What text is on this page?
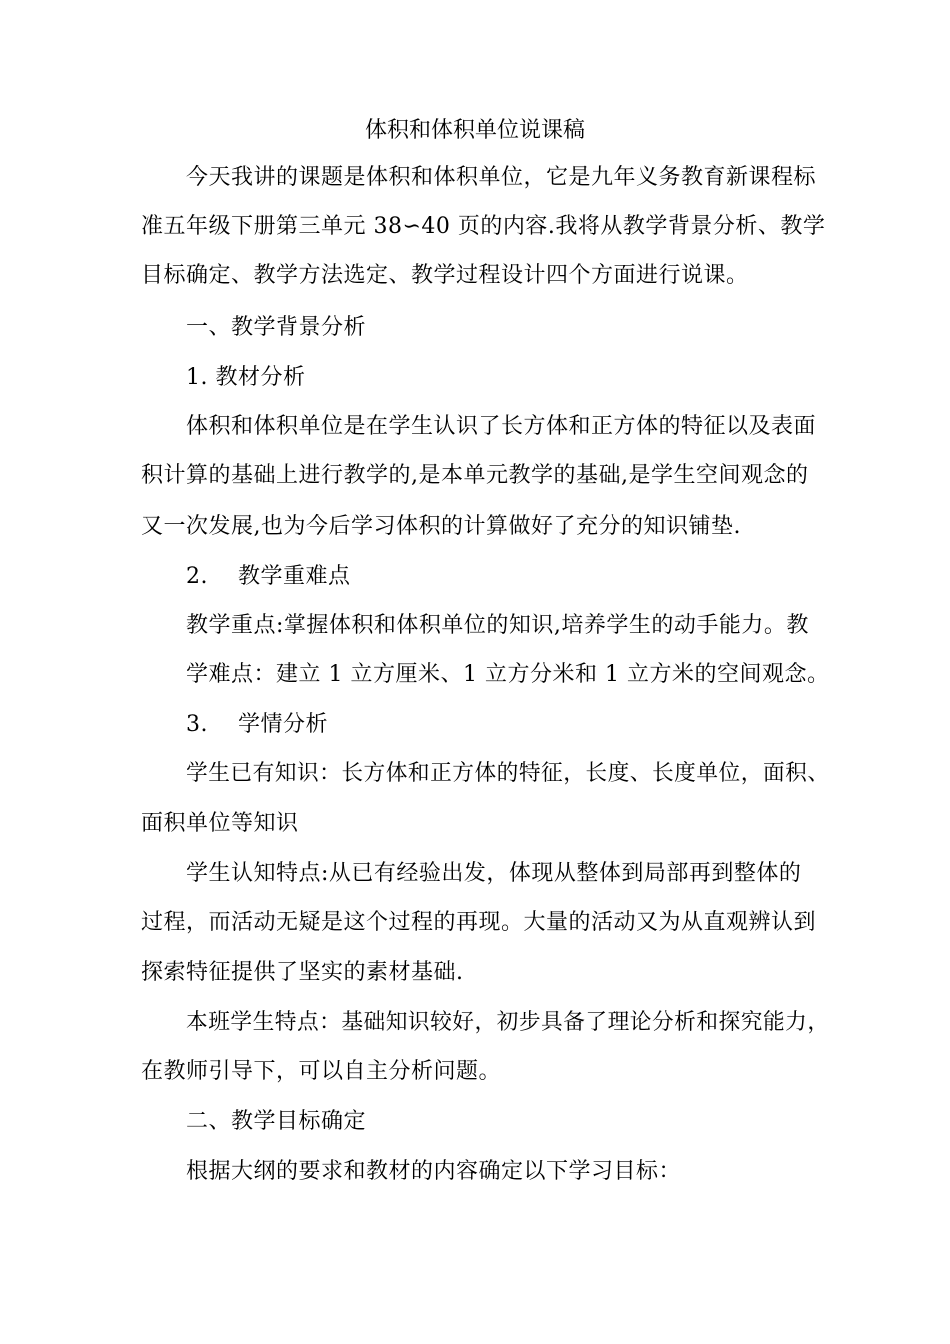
体积和体积单位说课稿
今天我讲的课题是体积和体积单位，它是九年义务教育新课程标
准五年级下册第三单元 38∽40 页的内容.我将从教学背景分析、教学
目标确定、教学方法选定、教学过程设计四个方面进行说课。
一、教学背景分析
1. 教材分析
体积和体积单位是在学生认识了长方体和正方体的特征以及表面
积计算的基础上进行教学的,是本单元教学的基础,是学生空间观念的
又一次发展,也为今后学习体积的计算做好了充分的知识铺垫.
2.　 教学重难点
教学重点:掌握体积和体积单位的知识,培养学生的动手能力。教
学难点：建立 1 立方厘米、1 立方分米和 1 立方米的空间观念。
3.　 学情分析
学生已有知识：长方体和正方体的特征，长度、长度单位，面积、
面积单位等知识
学生认知特点:从已有经验出发，体现从整体到局部再到整体的
过程，而活动无疑是这个过程的再现。大量的活动又为从直观辨认到
探索特征提供了坚实的素材基础.
本班学生特点：基础知识较好，初步具备了理论分析和探究能力，
在教师引导下，可以自主分析问题。
二、教学目标确定
根据大纲的要求和教材的内容确定以下学习目标：
